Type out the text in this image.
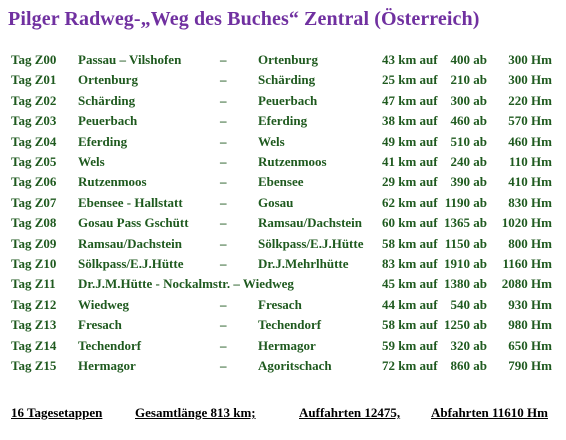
Pilger Radweg-„Weg des Buches“ Zentral (Österreich)
Tag Z00 Passau – Vilshofen	– Ortenburg	43 km auf 400 ab	300 Hm
Tag Z01 Ortenburg	– Schärding	25 km auf 210 ab	300 Hm
Tag Z02 Schärding	– Peuerbach	47 km auf 300 ab	220 Hm
Tag Z03 Peuerbach	– Eferding	38 km auf 460 ab	570 Hm
Tag Z04 Eferding	– Wels	49 km auf 510 ab	460 Hm
Tag Z05 Wels	– Rutzenmoos	41 km auf 240 ab	110 Hm
Tag Z06 Rutzenmoos	– Ebensee	29 km auf 390 ab	410 Hm
Tag Z07 Ebensee - Hallstatt	– Gosau	62 km auf 1190 ab	830 Hm
Tag Z08 Gosau Pass Gschütt – Ramsau/Dachstein 60 km auf 1365 ab 1020 Hm
Tag Z09 Ramsau/Dachstein	– Sölkpass/E.J.Hütte 58 km auf 1150 ab	800 Hm
Tag Z10 Sölkpass/E.J.Hütte	– Dr.J.Mehrlhütte	83 km auf 1910 ab 1160 Hm
Tag Z11 Dr.J.M.Hütte - Nockalmstr. – Wiedweg	45 km auf 1380 ab 2080 Hm
Tag Z12 Wiedweg	– Fresach	44 km auf 540 ab	930 Hm
Tag Z13 Fresach	– Techendorf	58 km auf 1250 ab	980 Hm
Tag Z14 Techendorf	– Hermagor	59 km auf 320 ab	650 Hm
Tag Z15 Hermagor	– Agoritschach	72 km auf 860 ab	790 Hm
16 Tagesetappen	Gesamtlänge 813 km;	Auffahrten 12475, Abfahrten 11610 Hm
